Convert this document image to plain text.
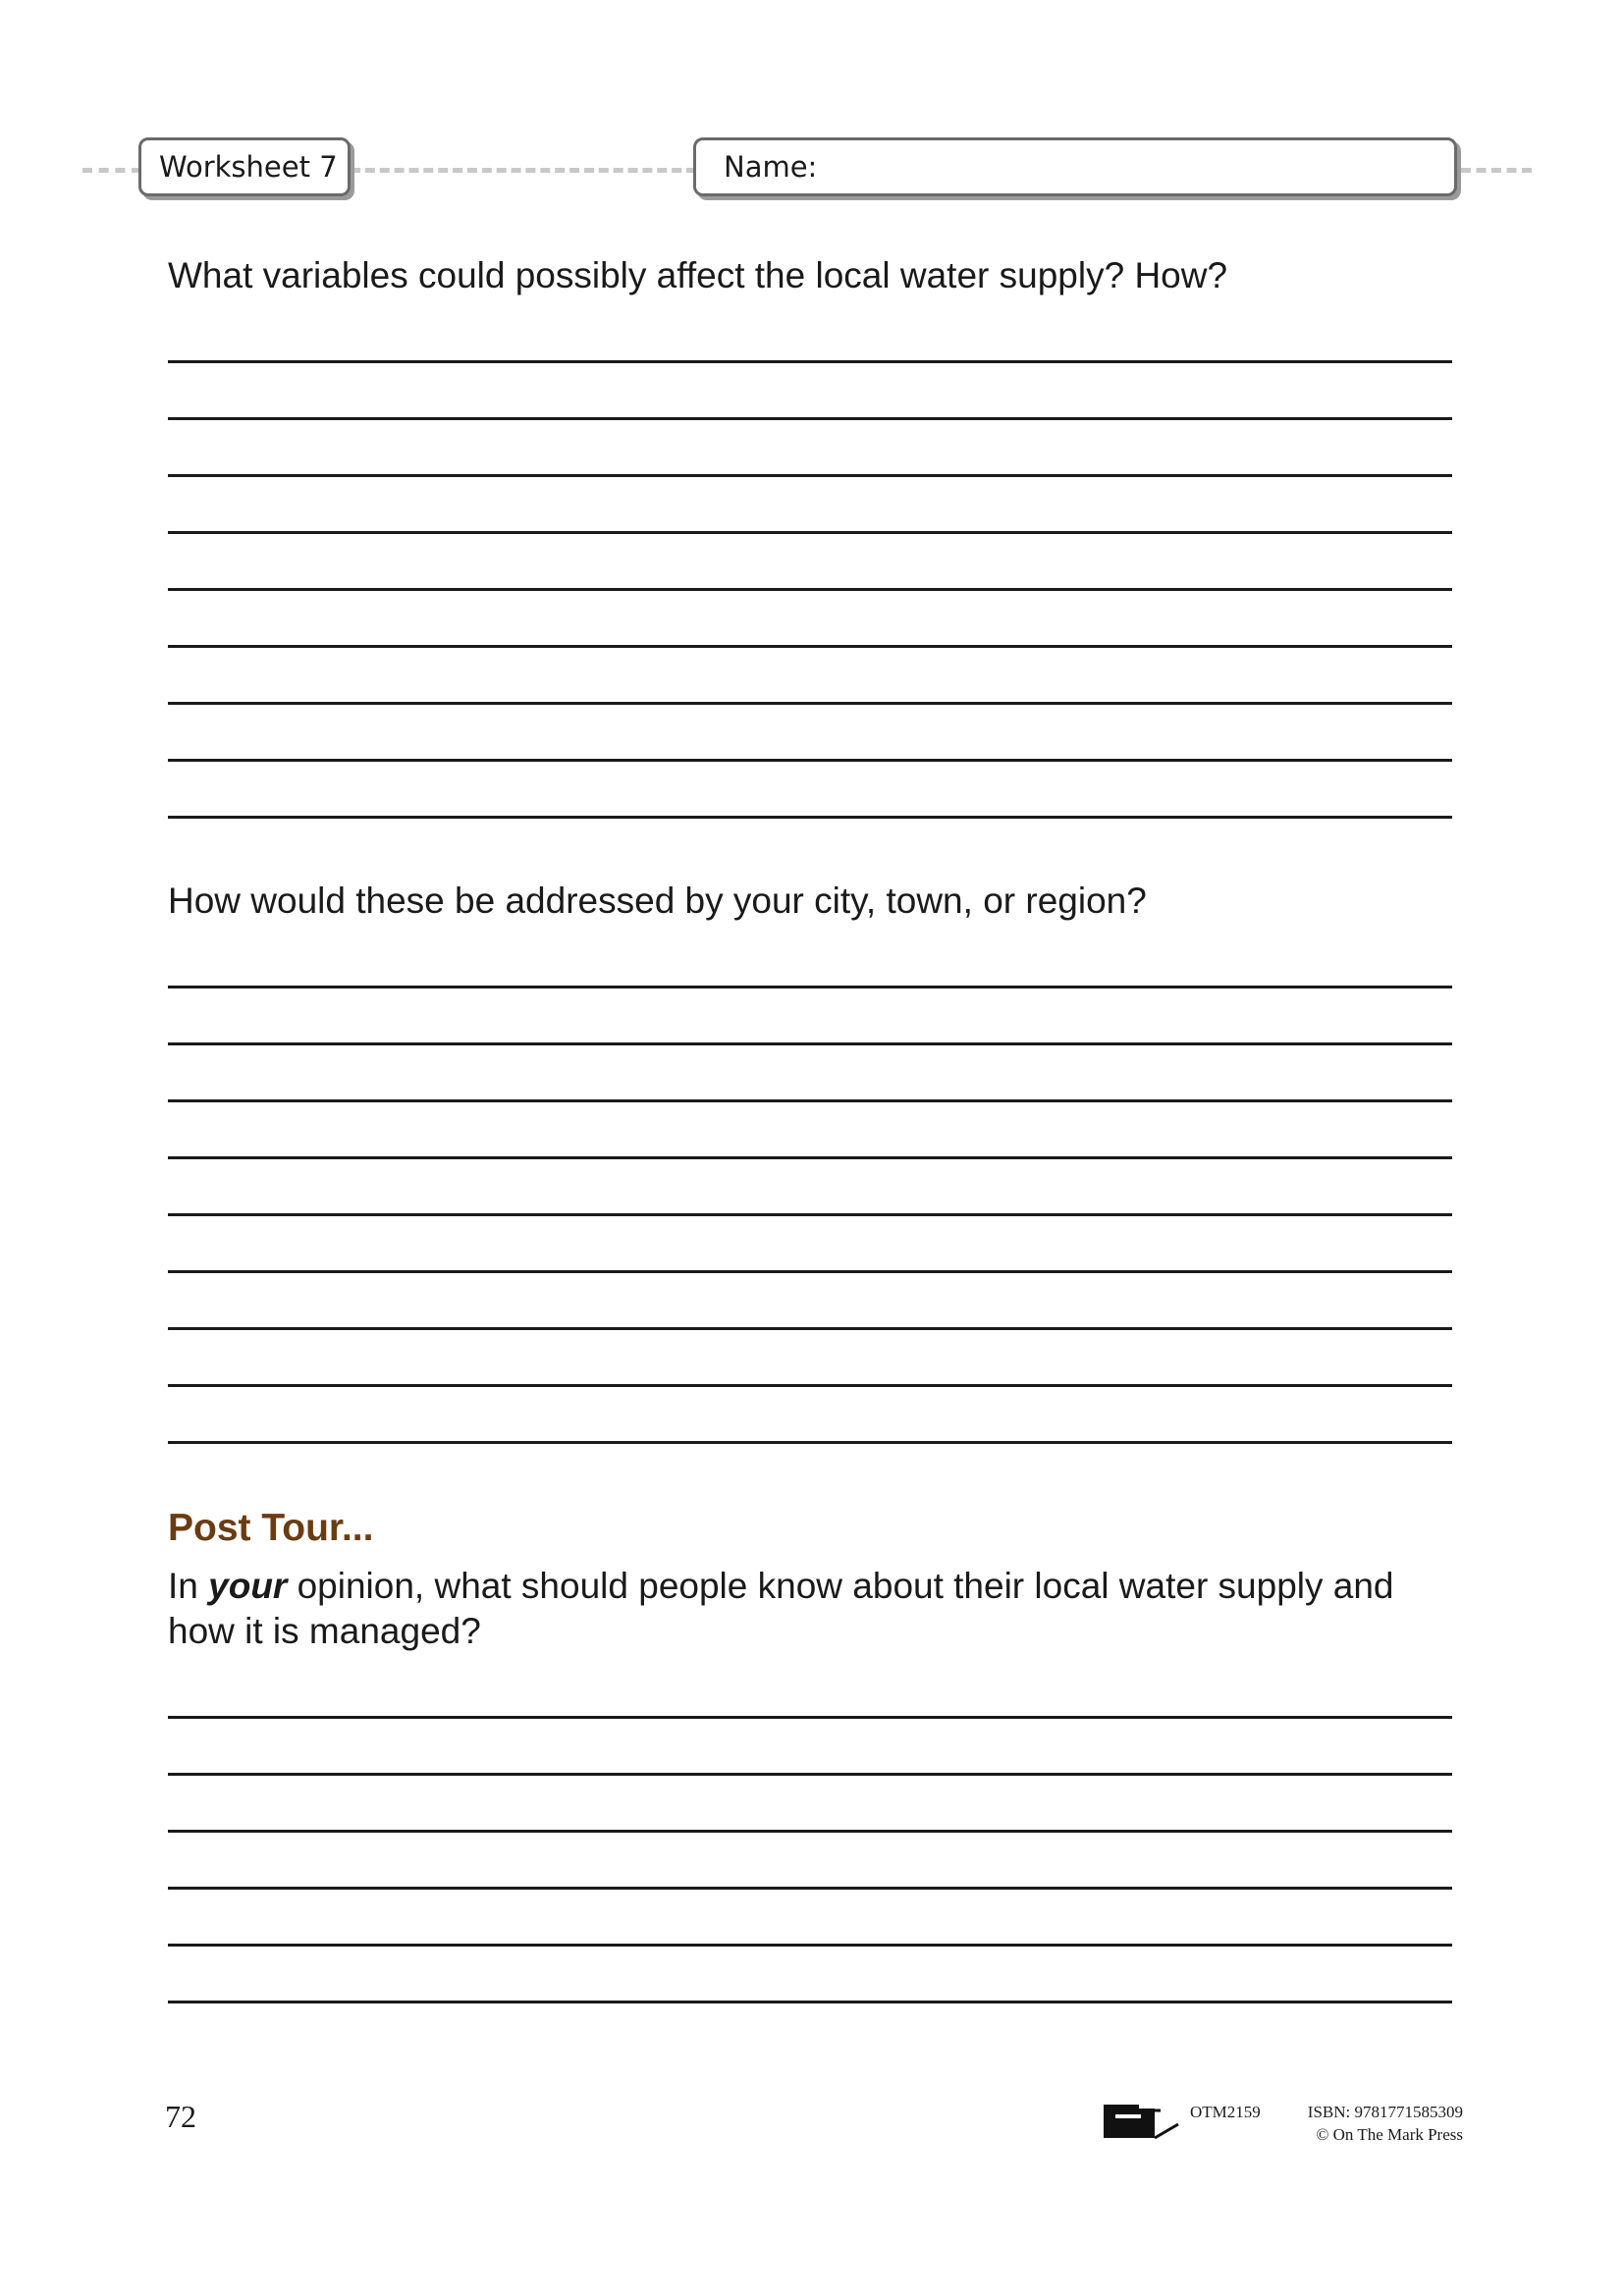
Worksheet 7	Name:

What variables could possibly affect the local water supply? How?

How would these be addressed by your city, town, or region?

Post Tour...

In your opinion, what should people know about their local water supply and how it is managed?

72	OTM2159	ISBN: 9781771585309
© On The Mark Press
